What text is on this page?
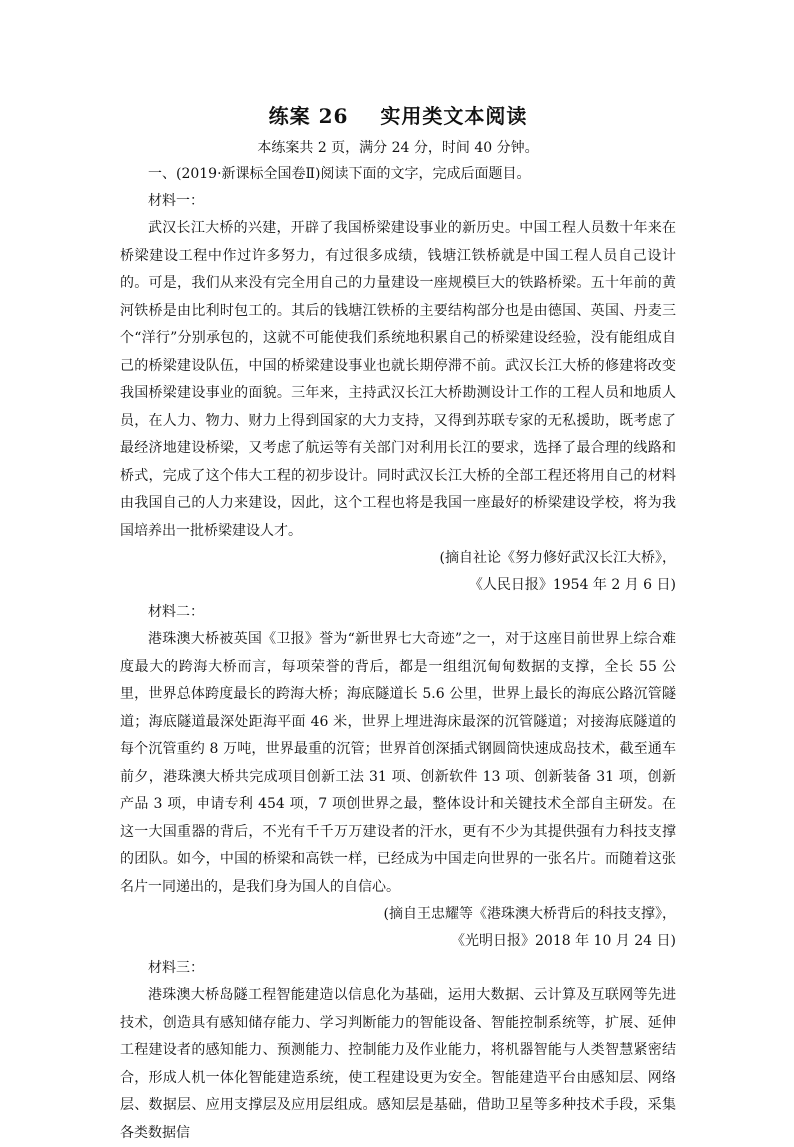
练案 26    实用类文本阅读
本练案共 2 页，满分 24 分，时间 40 分钟。
一、(2019·新课标全国卷Ⅱ)阅读下面的文字，完成后面题目。
材料一：
武汉长江大桥的兴建，开辟了我国桥梁建设事业的新历史。中国工程人员数十年来在桥梁建设工程中作过许多努力，有过很多成绩，钱塘江铁桥就是中国工程人员自己设计的。可是，我们从来没有完全用自己的力量建设一座规模巨大的铁路桥梁。五十年前的黄河铁桥是由比利时包工的。其后的钱塘江铁桥的主要结构部分也是由德国、英国、丹麦三个“洋行”分别承包的，这就不可能使我们系统地积累自己的桥梁建设经验，没有能组成自己的桥梁建设队伍，中国的桥梁建设事业也就长期停滞不前。武汉长江大桥的修建将改变我国桥梁建设事业的面貌。三年来，主持武汉长江大桥勘测设计工作的工程人员和地质人员，在人力、物力、财力上得到国家的大力支持，又得到苏联专家的无私援助，既考虑了最经济地建设桥梁，又考虑了航运等有关部门对利用长江的要求，选择了最合理的线路和桥式，完成了这个伟大工程的初步设计。同时武汉长江大桥的全部工程还将用自己的材料由我国自己的人力来建设，因此，这个工程也将是我国一座最好的桥梁建设学校，将为我国培养出一批桥梁建设人才。
(摘自社论《努力修好武汉长江大桥》，
《人民日报》1954 年 2 月 6 日)
材料二：
港珠澳大桥被英国《卫报》誉为“新世界七大奇迹”之一，对于这座目前世界上综合难度最大的跨海大桥而言，每项荣誉的背后，都是一组组沉甸甸数据的支撑，全长 55 公里，世界总体跨度最长的跨海大桥；海底隧道长 5.6 公里，世界上最长的海底公路沉管隧道；海底隧道最深处距海平面 46 米，世界上埋进海床最深的沉管隧道；对接海底隧道的每个沉管重约 8 万吨，世界最重的沉管；世界首创深插式钢圆筒快速成岛技术，截至通车前夕，港珠澳大桥共完成项目创新工法 31 项、创新软件 13 项、创新装备 31 项，创新产品 3 项，申请专利 454 项，7 项创世界之最，整体设计和关键技术全部自主研发。在这一大国重器的背后，不光有千千万万建设者的汗水，更有不少为其提供强有力科技支撑的团队。如今，中国的桥梁和高铁一样，已经成为中国走向世界的一张名片。而随着这张名片一同递出的，是我们身为国人的自信心。
(摘自王忠耀等《港珠澳大桥背后的科技支撑》，
《光明日报》2018 年 10 月 24 日)
材料三：
港珠澳大桥岛隧工程智能建造以信息化为基础，运用大数据、云计算及互联网等先进技术，创造具有感知储存能力、学习判断能力的智能设备、智能控制系统等，扩展、延伸工程建设者的感知能力、预测能力、控制能力及作业能力，将机器智能与人类智慧紧密结合，形成人机一体化智能建造系统，使工程建设更为安全。智能建造平台由感知层、网络层、数据层、应用支撑层及应用层组成。感知层是基础，借助卫星等多种技术手段，采集各类数据信
